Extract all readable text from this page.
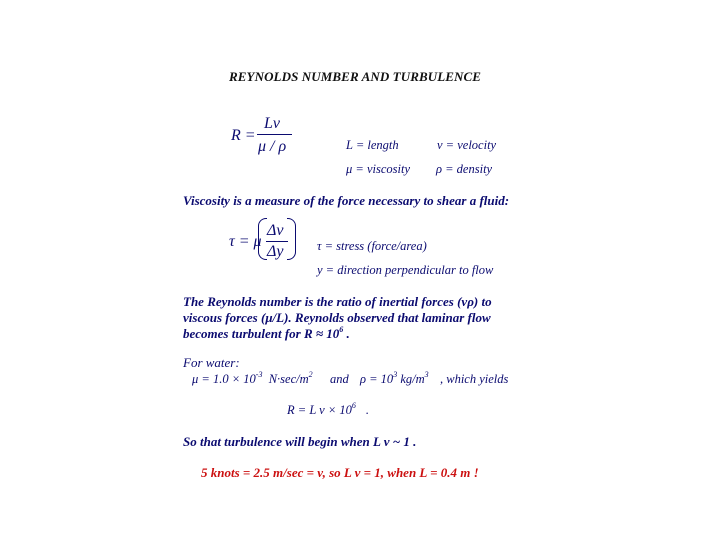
REYNOLDS NUMBER AND TURBULENCE
R =
Lv
μ / ρ	L = length	v = velocity
μ = viscosity ρ = density
Viscosity is a measure of the force necessary to shear a fluid:
τ = μ
Δv
Δy	τ = stress (force/area)
y = direction perpendicular to flow
The Reynolds number is the ratio of inertial forces (vρ) to
viscous forces (μ/L). Reynolds observed that laminar flow
becomes turbulent for $R \approx 10^6$ .
For water:
$\mu = 1.0 \times 10^{-3}$ $N\cdot\sec/m^2$ and $\rho = 10^3$ $kg/m^3$ , which yields
R = L $v \times 10^6$ .
So that turbulence will begin when L v ~ 1 .
5 knots = 2.5 m/sec = v, so L v = 1, when L = 0.4 m !
